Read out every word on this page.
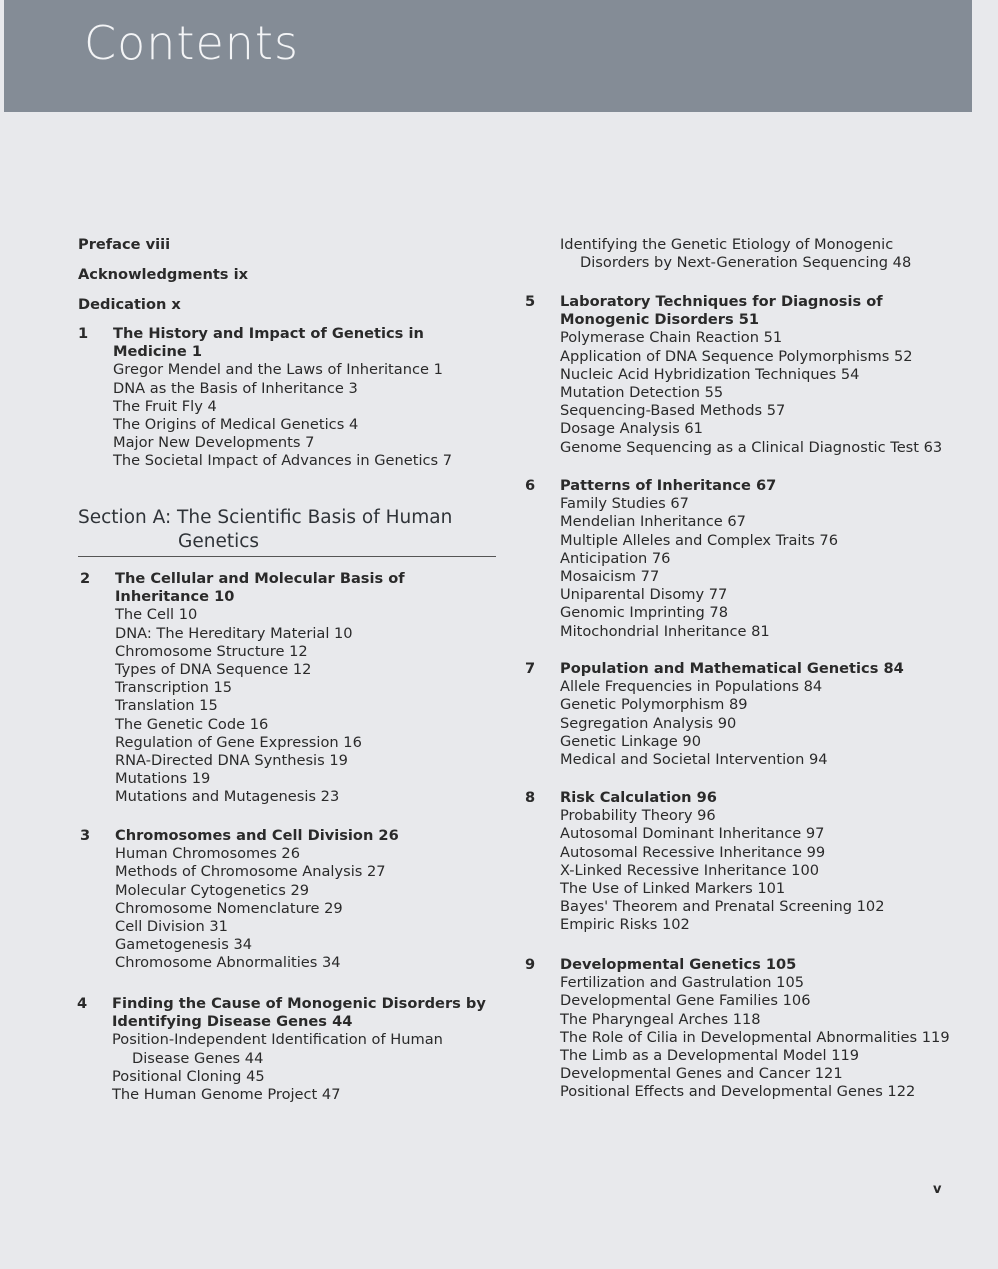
Contents
Preface viii
Acknowledgments ix
Dedication x
1 The History and Impact of Genetics in
Medicine 1
Gregor Mendel and the Laws of Inheritance 1
DNA as the Basis of Inheritance 3
The Fruit Fly 4
The Origins of Medical Genetics 4
Major New Developments 7
The Societal Impact of Advances in Genetics 7
Section A: The Scientific Basis of Human
Genetics
2 The Cellular and Molecular Basis of
Inheritance 10
The Cell 10
DNA: The Hereditary Material 10
Chromosome Structure 12
Types of DNA Sequence 12
Transcription 15
Translation 15
The Genetic Code 16
Regulation of Gene Expression 16
RNA-Directed DNA Synthesis 19
Mutations 19
Mutations and Mutagenesis 23
3 Chromosomes and Cell Division 26
Human Chromosomes 26
Methods of Chromosome Analysis 27
Molecular Cytogenetics 29
Chromosome Nomenclature 29
Cell Division 31
Gametogenesis 34
Chromosome Abnormalities 34
4 Finding the Cause of Monogenic Disorders by
Identifying Disease Genes 44
Position-Independent Identification of Human Disease Genes 44
Positional Cloning 45
The Human Genome Project 47
Identifying the Genetic Etiology of Monogenic Disorders by Next-Generation Sequencing 48
5 Laboratory Techniques for Diagnosis of
Monogenic Disorders 51
Polymerase Chain Reaction 51
Application of DNA Sequence Polymorphisms 52
Nucleic Acid Hybridization Techniques 54
Mutation Detection 55
Sequencing-Based Methods 57
Dosage Analysis 61
Genome Sequencing as a Clinical Diagnostic Test 63
6 Patterns of Inheritance 67
Family Studies 67
Mendelian Inheritance 67
Multiple Alleles and Complex Traits 76
Anticipation 76
Mosaicism 77
Uniparental Disomy 77
Genomic Imprinting 78
Mitochondrial Inheritance 81
7 Population and Mathematical Genetics 84
Allele Frequencies in Populations 84
Genetic Polymorphism 89
Segregation Analysis 90
Genetic Linkage 90
Medical and Societal Intervention 94
8 Risk Calculation 96
Probability Theory 96
Autosomal Dominant Inheritance 97
Autosomal Recessive Inheritance 99
X-Linked Recessive Inheritance 100
The Use of Linked Markers 101
Bayes' Theorem and Prenatal Screening 102
Empiric Risks 102
9 Developmental Genetics 105
Fertilization and Gastrulation 105
Developmental Gene Families 106
The Pharyngeal Arches 118
The Role of Cilia in Developmental Abnormalities 119
The Limb as a Developmental Model 119
Developmental Genes and Cancer 121
Positional Effects and Developmental Genes 122
v
